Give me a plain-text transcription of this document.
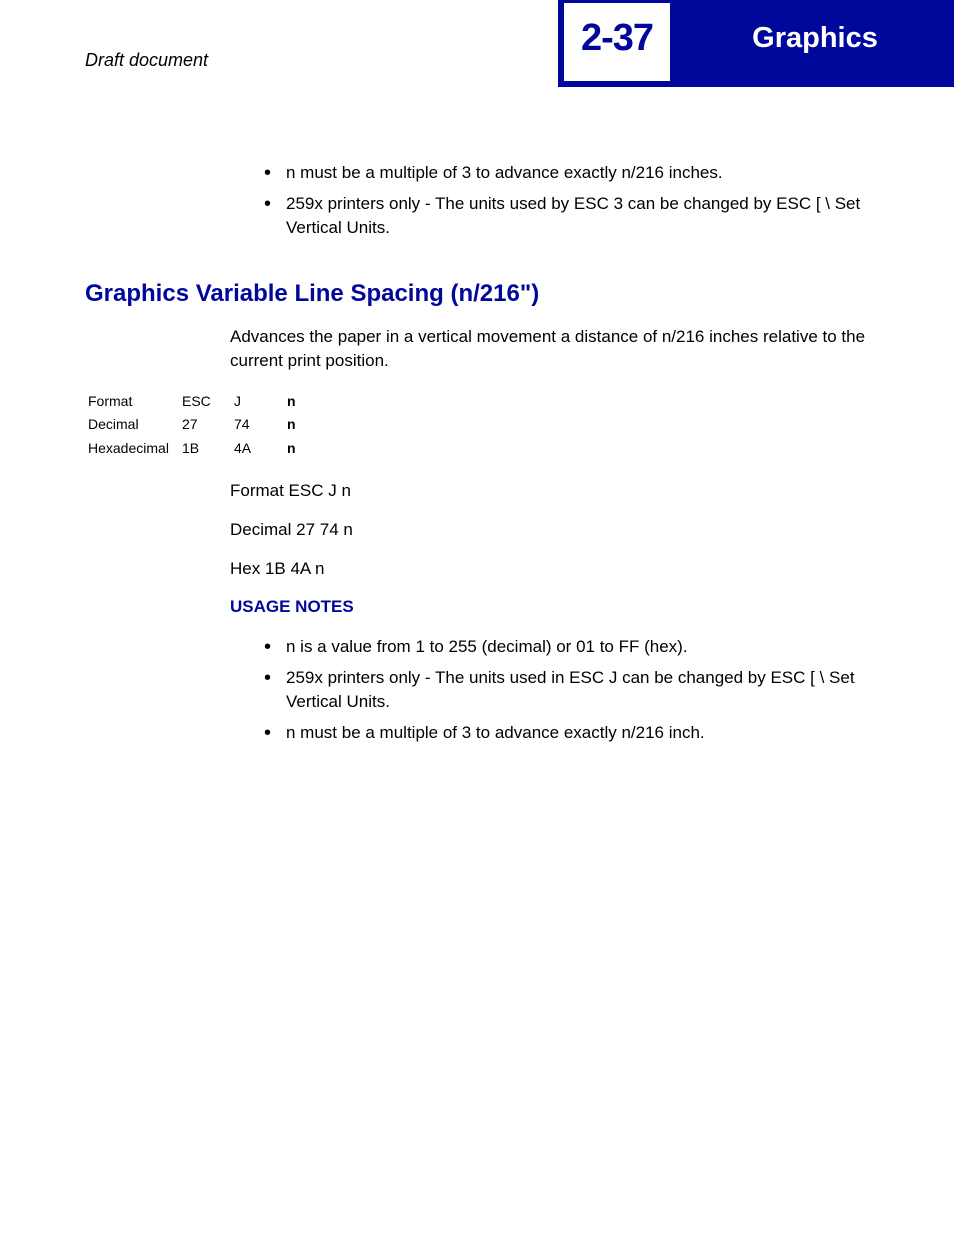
Draft document
2-37	Graphics
• n must be a multiple of 3 to advance exactly n/216 inches.
• 259x printers only - The units used by ESC 3 can be changed by ESC [ \ Set Vertical Units.
Graphics Variable Line Spacing (n/216")
Advances the paper in a vertical movement a distance of n/216 inches relative to the current print position.
Format	ESC	J	n
Decimal	27	74	n
Hexadecimal	1B	4A	n
Format ESC J n
Decimal 27 74 n
Hex 1B 4A n
USAGE NOTES
• n is a value from 1 to 255 (decimal) or 01 to FF (hex).
• 259x printers only - The units used in ESC J can be changed by ESC [ \ Set Vertical Units.
• n must be a multiple of 3 to advance exactly n/216 inch.
